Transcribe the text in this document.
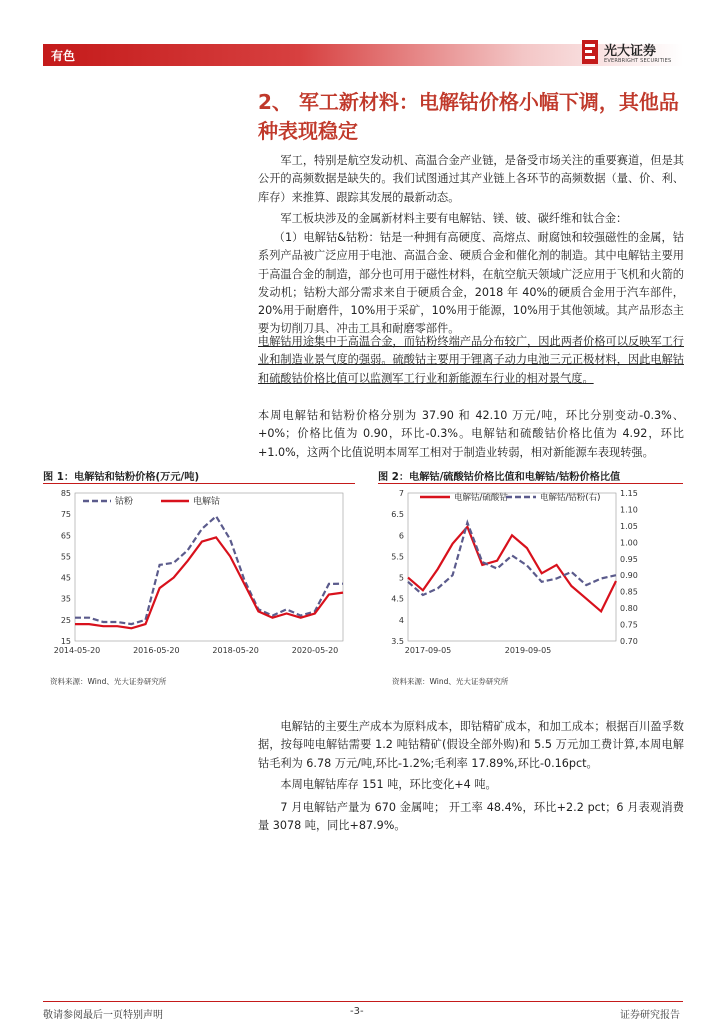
有色	光大证券
EVERBRIGHT SECURITIES
2、 军工新材料：电解钴价格小幅下调，其他品种表现稳定
军工，特别是航空发动机、高温合金产业链，是备受市场关注的重要赛道，但是其公开的高频数据是缺失的。我们试图通过其产业链上各环节的高频数据（量、价、利、库存）来推算、跟踪其发展的最新动态。
军工板块涉及的金属新材料主要有电解钴、镁、铍、碳纤维和钛合金：
（1）电解钴&钴粉：钴是一种拥有高硬度、高熔点、耐腐蚀和较强磁性的金属，钴系列产品被广泛应用于电池、高温合金、硬质合金和催化剂的制造。其中电解钴主要用于高温合金的制造，部分也可用于磁性材料，在航空航天领域广泛应用于飞机和火箭的发动机；钴粉大部分需求来自于硬质合金，2018 年 40%的硬质合金用于汽车部件，20%用于耐磨件，10%用于采矿，10%用于能源，10%用于其他领域。其产品形态主要为切削刀具、冲击工具和耐磨零部件。
电解钴用途集中于高温合金，而钴粉终端产品分布较广，因此两者价格可以反映军工行业和制造业景气度的强弱。硫酸钴主要用于锂离子动力电池三元正极材料，因此电解钴和硫酸钴价格比值可以监测军工行业和新能源车行业的相对景气度。
本周电解钴和钴粉价格分别为 37.90 和 42.10 万元/吨，环比分别变动-0.3%、+0%；价格比值为 0.90，环比-0.3%。电解钴和硫酸钴价格比值为 4.92，环比+1.0%，这两个比值说明本周军工相对于制造业转弱，相对新能源车表现转强。
图 1：电解钴和钴粉价格(万元/吨)
15
25
35
45
55
65
75
85
2014-05-20	2016-05-20	2018-05-20	2020-05-20
钴粉	电解钴
资料来源：Wind、光大证券研究所
图 2：电解钴/硫酸钴价格比值和电解钴/钴粉价格比值
3.5
4
4.5
5
5.5
6
6.5
7
0.70
0.75
0.80
0.85
0.90
0.95
1.00
1.05
1.10
1.15
2017-09-05	2019-09-05
电解钴/硫酸钴	电解钴/钴粉(右)
资料来源：Wind、光大证券研究所
电解钴的主要生产成本为原料成本，即钴精矿成本，和加工成本；根据百川盈孚数据，按每吨电解钴需要 1.2 吨钴精矿(假设全部外购)和 5.5 万元加工费计算,本周电解钴毛利为 6.78 万元/吨,环比-1.2%;毛利率 17.89%,环比-0.16pct。
本周电解钴库存 151 吨，环比变化+4 吨。
7 月电解钴产量为 670 金属吨； 开工率 48.4%，环比+2.2 pct；6 月表观消费量 3078 吨，同比+87.9%。
敬请参阅最后一页特别声明	-3-	证券研究报告
